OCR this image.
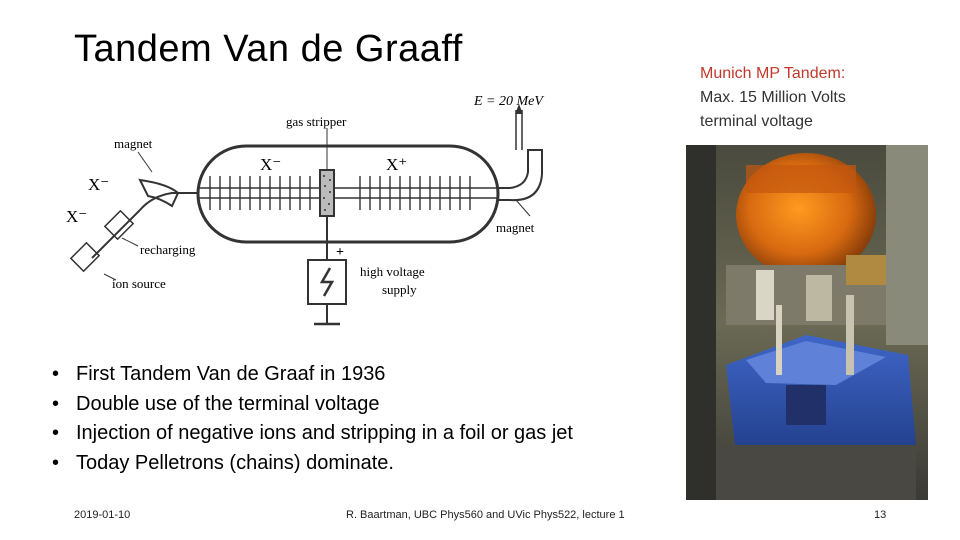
Tandem Van de Graaff
Munich MP Tandem:
Max. 15 Million Volts
terminal voltage
E = 20 MeV
gas stripper
magnet
magnet
X⁻
X⁻
X⁻	X⁺
recharging
ion source
high voltage
supply
+
• First Tandem Van de Graaf in 1936
• Double use of the terminal voltage
• Injection of negative ions and stripping in a foil or gas jet
• Today Pelletrons (chains) dominate.
2019-01-10	R. Baartman, UBC Phys560 and UVic Phys522, lecture 1	13
